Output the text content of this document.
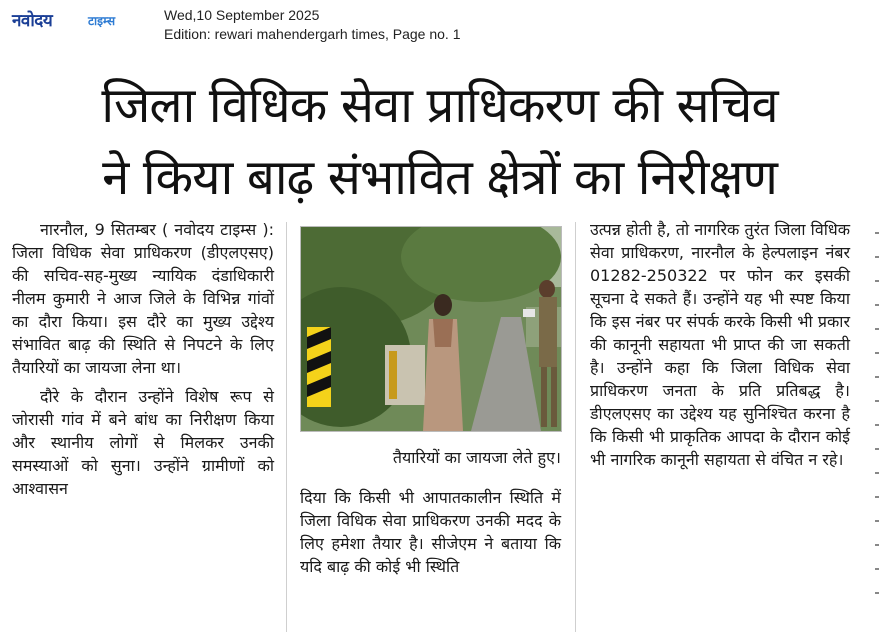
नवोदय	टाइम्स	Wed,10 September 2025
Edition: rewari mahendergarh times, Page no. 1
जिला विधिक सेवा प्राधिकरण की सचिव
ने किया बाढ़ संभावित क्षेत्रों का निरीक्षण

नारनौल, 9 सितम्बर ( नवोदय टाइम्स ): जिला विधिक सेवा प्राधिकरण (डीएलएसए) की सचिव-सह-मुख्य न्यायिक दंडाधिकारी नीलम कुमारी ने आज जिले के विभिन्न गांवों का दौरा किया। इस दौरे का मुख्य उद्देश्य संभावित बाढ़ की स्थिति से निपटने के लिए तैयारियों का जायजा लेना था।

दौरे के दौरान उन्होंने विशेष रूप से जोरासी गांव में बने बांध का निरीक्षण किया और स्थानीय लोगों से मिलकर उनकी समस्याओं को सुना। उन्होंने ग्रामीणों को आश्वासन

तैयारियों का जायजा लेते हुए।

दिया कि किसी भी आपातकालीन स्थिति में जिला विधिक सेवा प्राधिकरण उनकी मदद के लिए हमेशा तैयार है। सीजेएम ने बताया कि यदि बाढ़ की कोई भी स्थिति

उत्पन्न होती है, तो नागरिक तुरंत जिला विधिक सेवा प्राधिकरण, नारनौल के हेल्पलाइन नंबर 01282-250322 पर फोन कर इसकी सूचना दे सकते हैं। उन्होंने यह भी स्पष्ट किया कि इस नंबर पर संपर्क करके किसी भी प्रकार की कानूनी सहायता भी प्राप्त की जा सकती है। उन्होंने कहा कि जिला विधिक सेवा प्राधिकरण जनता के प्रति प्रतिबद्ध है। डीएलएसए का उद्देश्य यह सुनिश्चित करना है कि किसी भी प्राकृतिक आपदा के दौरान कोई भी नागरिक कानूनी सहायता से वंचित न रहे।
